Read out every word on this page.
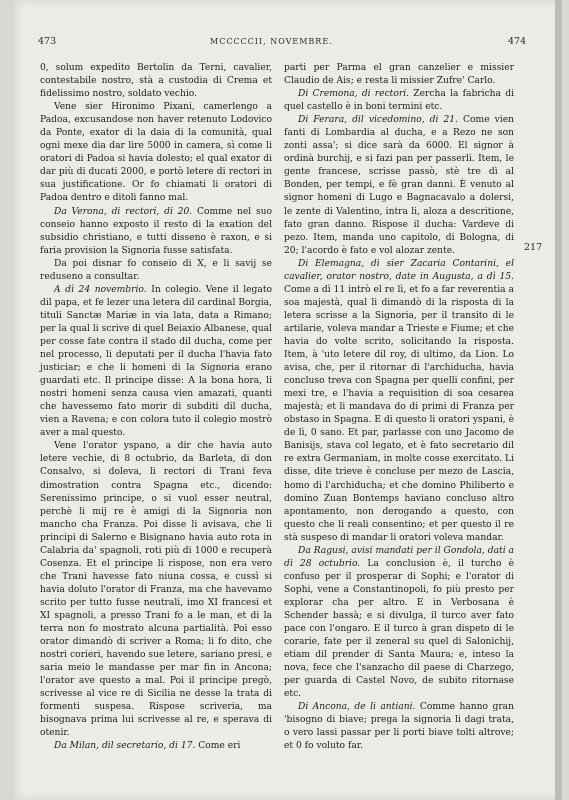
473	MCCCCCII, NOVEMBRE.	474

0, solum expedito Bertolin da Terni, cavalier, contestabile nostro, stà a custodia di Crema et fidelissimo nostro, soldato vechio.

Vene sier Hironimo Pixani, camerlengo a Padoa, excusandose non haver retenuto Lodovico da Ponte, exator di la daia di la comunità, qual ogni mexe dia dar lire 5000 in camera, sì come li oratori di Padoa si havia dolesto; el qual exator di dar più di ducati 2000, e portò letere di rectori in sua justificatione. Or fo chiamati li oratori di Padoa dentro e ditoli fanno mal.

Da Verona, di rectori, di 20. Comme nel suo conseio hanno exposto il resto di la exation del subsidio christiano, e tutti disseno è raxon, e si faria provision la Signoria fusse satisfata.

Da poi disnar fo conseio di X, e li savij se reduseno a consultar.

A dì 24 novembrio. In colegio. Vene il legato dil papa, et fe lezer una letera dil cardinal Borgia, tituli Sanctæ Mariæ in via lata, data a Rimano; per la qual li scrive di quel Beiaxio Albanese, qual per cosse fate contra il stado dil ducha, come per nel processo, li deputati per il ducha l'havia fato justiciar; e che li homeni di la Signoria erano guardati etc. Il principe disse: A la bona hora, li nostri homeni senza causa vien amazati, quanti che havessemo fato morir di subditi dil ducha, vien a Ravena; e con colora tuto il colegio mostrò aver a mal questo.

Vene l'orator yspano, a dir che havia auto letere vechie, di 8 octubrio, da Barleta, di don Consalvo, si doleva, li rectori di Trani feva dimostration contra Spagna etc., dicendo: Serenissimo principe, o si vuol esser neutral, perchè li mij re è amigi di la Signoria non mancho cha Franza. Poi disse li avisava, che li principi di Salerno e Bisignano havia auto rota in Calabria da' spagnoli, roti più di 1000 e recuperà Cosenza. Et el principe li rispose, non era vero che Trani havesse fato niuna cossa, e cussì si havia doluto l'orator di Franza, ma che havevamo scrito per tutto fusse neutrali, imo XI francesi et XI spagnoli, a presso Trani fo a le man, et di la terra non fo mostrato alcuna partialità. Poi esso orator dimandò di scriver a Roma; li fo dito, che nostri corieri, havendo sue letere, sariano presi, e saria meio le mandasse per mar fin in Ancona; l'orator ave questo a mal. Poi il principe pregò, scrivesse al vice re di Sicilia ne desse la trata di formenti suspesa. Rispose scriveria, ma bisognava prima lui scrivesse al re, e sperava di otenir.

Da Milan, dil secretario, di 17. Come eri

parti per Parma el gran canzelier e missier Claudio de Ais; e resta li missier Zufre' Carlo.

Di Cremona, di rectori. Zercha la fabricha di quel castello è in boni termini etc.

Di Ferara, dil vicedomino, di 21. Come vien fanti di Lombardia al ducha, e a Rezo ne son zonti assa'; si dice sarà da 6000. El signor à ordinà burchij, e si fazi pan per passerli. Item, le gente francese, scrisse passò, stè tre dì al Bonden, per tempi, e fè gran danni. È venuto al signor homeni di Lugo e Bagnacavalo a dolersi, le zente di Valentino, intra li, aloza a descritione, fato gran danno. Rispose il ducha: Vardeve di pezo. Item, manda uno capitolo, di Bologna, di 20; l'acordo è fato e vol alozar zente.

Di Elemagna, di sier Zacaria Contarini, el cavalier, orator nostro, date in Augusta, a dì 15. Come a dì 11 intrò el re lì, et fo a far reverentia a soa majestà, qual li dimandò di la risposta di la letera scrisse a la Signoria, per il transito di le artilarie, voleva mandar a Trieste e Fiume; et che havia do volte scrito, solicitando la risposta. Item, à 'uto letere dil roy, di ultimo, da Lion. Lo avisa, che, per il ritornar di l'archiducha, havia concluso treva con Spagna per quelli confini, per mexi tre, e l'havia a requisition di soa cesarea majestà; et li mandava do di primi di Franza per obstaso in Spagna. E di questo li oratori yspani, è de lì, 0 sano. Et par, parlasse con uno Jacomo de Banisijs, stava col legato, et è fato secretario dil re extra Germaniam, in molte cosse exercitato. Li disse, dite trieve è concluse per mezo de Lascia, homo di l'archiducha; et che domino Philiberto e domino Zuan Bontemps haviano concluso altro apontamento, non derogando a questo, con questo che li reali consentino; et per questo il re stà suspeso di mandar li oratori voleva mandar.

Da Ragusi, avisi mandati per il Gondola, dati a dì 28 octubrio. La conclusion è, il turcho è confuso per il prosperar di Sophi; e l'orator di Sophi, vene a Constantinopoli, fo più presto per explorar cha per altro. E in Verbosana è Schender bassà; e si divulga, il turco aver fato pace con l'ongaro. E il turco à gran dispeto di le corarie, fate per il zeneral su quel di Salonichij, etiam dil prender di Santa Maura; e, inteso la nova, fece che l'sanzacho dil paese di Charzego, per guarda di Castel Novo, de subito ritornase etc.

Di Ancona, de li antiani. Comme hanno gran 'bisogno di biave; prega la signoria li dagi trata, o vero lassi passar per li porti biave tolti altrove; et 0 fo voluto far.

217
